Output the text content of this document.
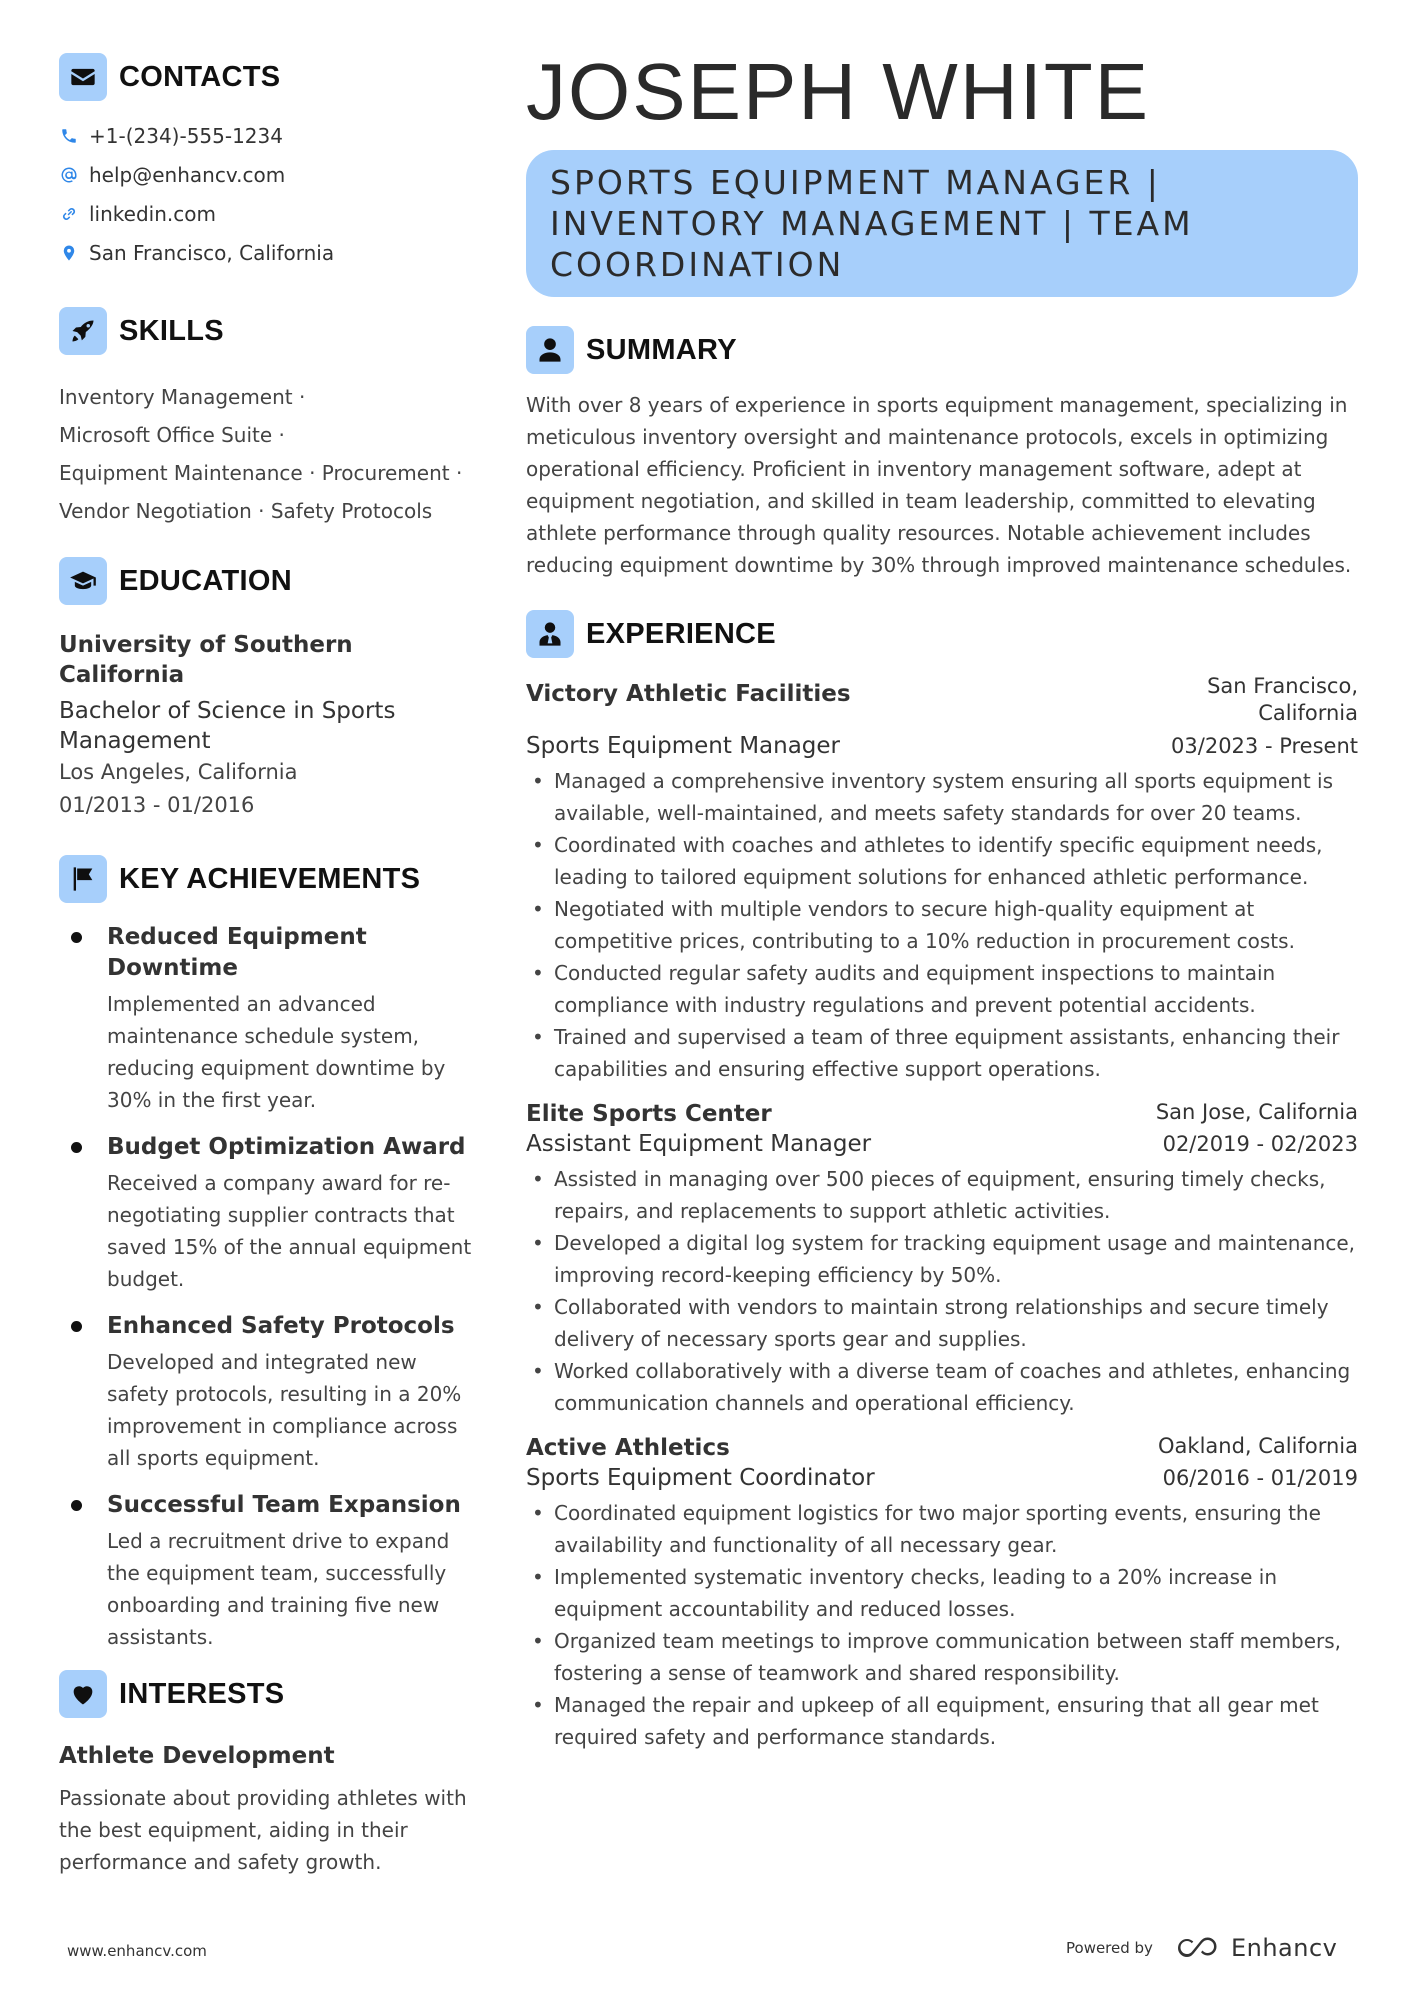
CONTACTS
+1-(234)-555-1234
help@enhancv.com
linkedin.com
San Francisco, California
SKILLS
Inventory Management ·
Microsoft Office Suite ·
Equipment Maintenance · Procurement ·
Vendor Negotiation · Safety Protocols
EDUCATION
University of Southern California
Bachelor of Science in Sports Management
Los Angeles, California
01/2013 - 01/2016
KEY ACHIEVEMENTS
Reduced Equipment Downtime
Implemented an advanced maintenance schedule system, reducing equipment downtime by 30% in the first year.
Budget Optimization Award
Received a company award for re-negotiating supplier contracts that saved 15% of the annual equipment budget.
Enhanced Safety Protocols
Developed and integrated new safety protocols, resulting in a 20% improvement in compliance across all sports equipment.
Successful Team Expansion
Led a recruitment drive to expand the equipment team, successfully onboarding and training five new assistants.
INTERESTS
Athlete Development
Passionate about providing athletes with the best equipment, aiding in their performance and safety growth.
JOSEPH WHITE
SPORTS EQUIPMENT MANAGER | INVENTORY MANAGEMENT | TEAM COORDINATION
SUMMARY
With over 8 years of experience in sports equipment management, specializing in meticulous inventory oversight and maintenance protocols, excels in optimizing operational efficiency. Proficient in inventory management software, adept at equipment negotiation, and skilled in team leadership, committed to elevating athlete performance through quality resources. Notable achievement includes reducing equipment downtime by 30% through improved maintenance schedules.
EXPERIENCE
Victory Athletic Facilities	San Francisco, California
Sports Equipment Manager	03/2023 - Present
• Managed a comprehensive inventory system ensuring all sports equipment is available, well-maintained, and meets safety standards for over 20 teams.
• Coordinated with coaches and athletes to identify specific equipment needs, leading to tailored equipment solutions for enhanced athletic performance.
• Negotiated with multiple vendors to secure high-quality equipment at competitive prices, contributing to a 10% reduction in procurement costs.
• Conducted regular safety audits and equipment inspections to maintain compliance with industry regulations and prevent potential accidents.
• Trained and supervised a team of three equipment assistants, enhancing their capabilities and ensuring effective support operations.
Elite Sports Center	San Jose, California
Assistant Equipment Manager	02/2019 - 02/2023
• Assisted in managing over 500 pieces of equipment, ensuring timely checks, repairs, and replacements to support athletic activities.
• Developed a digital log system for tracking equipment usage and maintenance, improving record-keeping efficiency by 50%.
• Collaborated with vendors to maintain strong relationships and secure timely delivery of necessary sports gear and supplies.
• Worked collaboratively with a diverse team of coaches and athletes, enhancing communication channels and operational efficiency.
Active Athletics	Oakland, California
Sports Equipment Coordinator	06/2016 - 01/2019
• Coordinated equipment logistics for two major sporting events, ensuring the availability and functionality of all necessary gear.
• Implemented systematic inventory checks, leading to a 20% increase in equipment accountability and reduced losses.
• Organized team meetings to improve communication between staff members, fostering a sense of teamwork and shared responsibility.
• Managed the repair and upkeep of all equipment, ensuring that all gear met required safety and performance standards.
www.enhancv.com	Powered by	Enhancv
